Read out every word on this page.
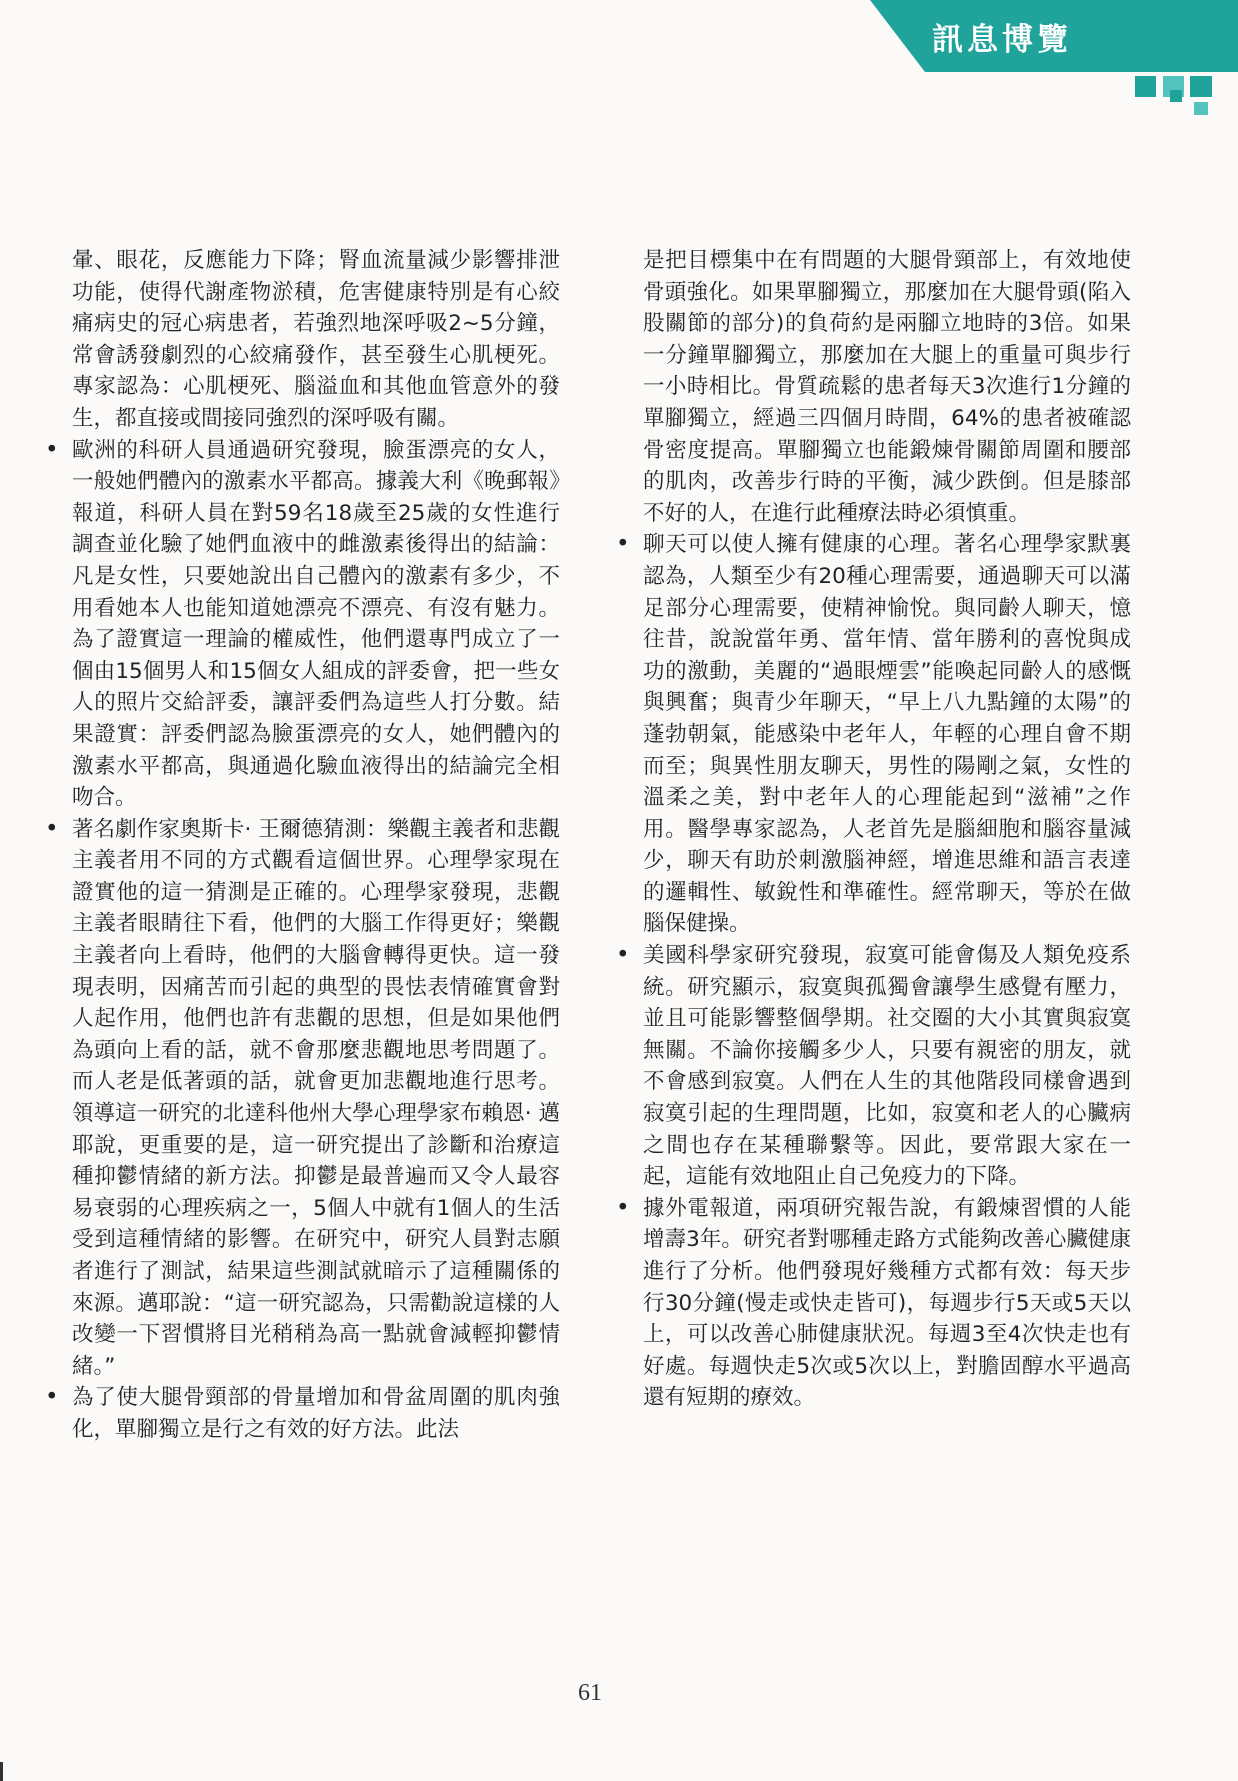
訊息博覽

暈、眼花，反應能力下降；腎血流量減少影響排泄功能，使得代謝產物淤積，危害健康特別是有心絞痛病史的冠心病患者，若強烈地深呼吸2~5分鐘，常會誘發劇烈的心絞痛發作，甚至發生心肌梗死。專家認為：心肌梗死、腦溢血和其他血管意外的發生，都直接或間接同強烈的深呼吸有關。

• 歐洲的科研人員通過研究發現，臉蛋漂亮的女人，一般她們體內的激素水平都高。據義大利《晚郵報》報道，科研人員在對59名18歲至25歲的女性進行調查並化驗了她們血液中的雌激素後得出的結論：凡是女性，只要她說出自己體內的激素有多少，不用看她本人也能知道她漂亮不漂亮、有沒有魅力。為了證實這一理論的權威性，他們還專門成立了一個由15個男人和15個女人組成的評委會，把一些女人的照片交給評委，讓評委們為這些人打分數。結果證實：評委們認為臉蛋漂亮的女人，她們體內的激素水平都高，與通過化驗血液得出的結論完全相吻合。

• 著名劇作家奧斯卡· 王爾德猜測：樂觀主義者和悲觀主義者用不同的方式觀看這個世界。心理學家現在證實他的這一猜測是正確的。心理學家發現，悲觀主義者眼睛往下看，他們的大腦工作得更好；樂觀主義者向上看時，他們的大腦會轉得更快。這一發現表明，因痛苦而引起的典型的畏怯表情確實會對人起作用，他們也許有悲觀的思想，但是如果他們為頭向上看的話，就不會那麼悲觀地思考問題了。而人老是低著頭的話，就會更加悲觀地進行思考。領導這一研究的北達科他州大學心理學家布賴恩· 邁耶說，更重要的是，這一研究提出了診斷和治療這種抑鬱情緒的新方法。抑鬱是最普遍而又令人最容易衰弱的心理疾病之一，5個人中就有1個人的生活受到這種情緒的影響。在研究中，研究人員對志願者進行了測試，結果這些測試就暗示了這種關係的來源。邁耶說：“這一研究認為，只需勸說這樣的人改變一下習慣將目光稍稍為高一點就會減輕抑鬱情緒。”

• 為了使大腿骨頸部的骨量增加和骨盆周圍的肌肉強化，單腳獨立是行之有效的好方法。此法

是把目標集中在有問題的大腿骨頸部上，有效地使骨頭強化。如果單腳獨立，那麼加在大腿骨頭(陷入股關節的部分)的負荷約是兩腳立地時的3倍。如果一分鐘單腳獨立，那麼加在大腿上的重量可與步行一小時相比。骨質疏鬆的患者每天3次進行1分鐘的單腳獨立，經過三四個月時間，64%的患者被確認骨密度提高。單腳獨立也能鍛煉骨關節周圍和腰部的肌肉，改善步行時的平衡，減少跌倒。但是膝部不好的人，在進行此種療法時必須慎重。

• 聊天可以使人擁有健康的心理。著名心理學家默裏認為，人類至少有20種心理需要，通過聊天可以滿足部分心理需要，使精神愉悅。與同齡人聊天，憶往昔，說說當年勇、當年情、當年勝利的喜悅與成功的激動，美麗的“過眼煙雲”能喚起同齡人的感慨與興奮；與青少年聊天，“早上八九點鐘的太陽”的蓬勃朝氣，能感染中老年人，年輕的心理自會不期而至；與異性朋友聊天，男性的陽剛之氣，女性的溫柔之美，對中老年人的心理能起到“滋補”之作用。醫學專家認為，人老首先是腦細胞和腦容量減少，聊天有助於刺激腦神經，增進思維和語言表達的邏輯性、敏銳性和準確性。經常聊天，等於在做腦保健操。

• 美國科學家研究發現，寂寞可能會傷及人類免疫系統。研究顯示，寂寞與孤獨會讓學生感覺有壓力，並且可能影響整個學期。社交圈的大小其實與寂寞無關。不論你接觸多少人，只要有親密的朋友，就不會感到寂寞。人們在人生的其他階段同樣會遇到寂寞引起的生理問題，比如，寂寞和老人的心臟病之間也存在某種聯繫等。因此，要常跟大家在一起，這能有效地阻止自己免疫力的下降。

• 據外電報道，兩項研究報告說，有鍛煉習慣的人能增壽3年。研究者對哪種走路方式能夠改善心臟健康進行了分析。他們發現好幾種方式都有效：每天步行30分鐘(慢走或快走皆可)，每週步行5天或5天以上，可以改善心肺健康狀況。每週3至4次快走也有好處。每週快走5次或5次以上，對膽固醇水平過高還有短期的療效。

61
